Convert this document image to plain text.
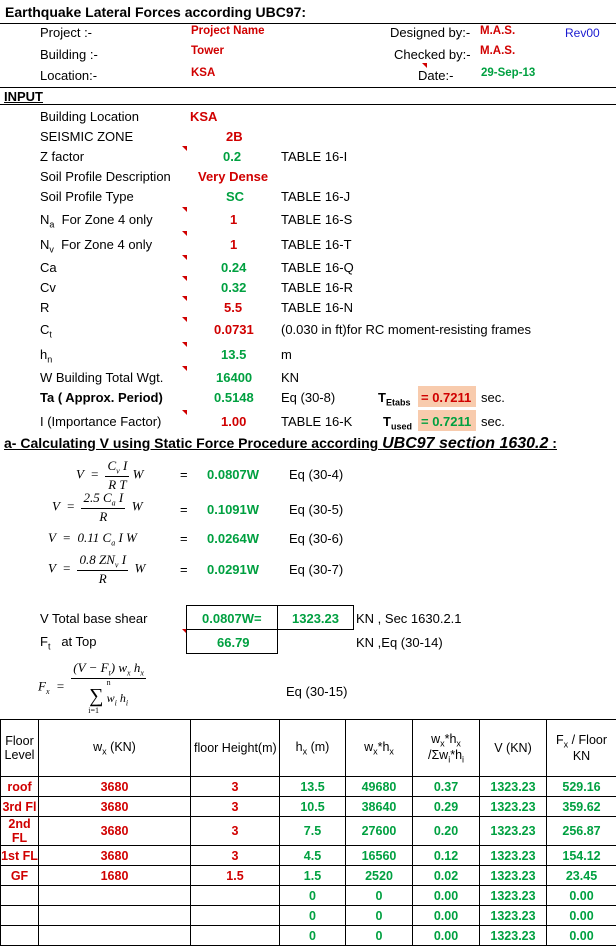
Earthquake Lateral Forces according UBC97:
Project :-	Project Name
Building :-	Tower
Location:-	KSA
Designed by:- M.A.S.	Rev00
Checked by:- M.A.S.
Date:- 29-Sep-13
INPUT
Building Location	KSA
SEISMIC ZONE	2B
Z factor	0.2	TABLE 16-I
Soil Profile Description Very Dense
Soil Profile Type	SC	TABLE 16-J
$N_a$ For Zone 4 only	1	TABLE 16-S
$N_v$ For Zone 4 only	1	TABLE 16-T
Ca	0.24	TABLE 16-Q
Cv	0.32	TABLE 16-R
R	5.5	TABLE 16-N
$C_t$	0.0731 (0.030 in ft)for RC moment-resisting frames
$h_n$	13.5	m
W Building Total Wgt.	16400 KN
Ta ( Approx. Period)	0.5148 Eq (30-8)	$T_{Etabs} = 0.7211$ sec.
I (Importance Factor)	1.00	TABLE 16-K $T_{used} = 0.7211$ sec.
a- Calculating V using Static Force Procedure according UBC97 section 1630.2 :
$V = \frac{C_v I}{\text{R T}}$ W	= 0.0807W Eq (30-4)
$V = \frac{2.5 C_a I}{R}$ W	= 0.1091W Eq (30-5)
V  =  0.11 $C_a$ I W	= 0.0264W Eq (30-6)
$V = \frac{0.8 ZN_v I}{R}$ W	= 0.0291W Eq (30-7)
V Total base shear	0.0807W= 1323.23 KN , Sec 1630.2.1
$F_t$ at Top	66.79	KN ,Eq (30-14)
$F_x = (V - F_t)$ $w_x$ $h_x$
n
∑ $w_i$ $h_i$
i=1	Eq (30-15)
Floor Level	$w_x$ (KN)	floor Height(m)	$h_x$ (m)	$w_x*h_x$	$w_x*h_x$
$/\Sigma w_i*h_i$	V (KN)	$F_x$ / Floor KN
roof	3680	3	13.5	49680	0.37	1323.23	529.16
3rd Fl	3680	3	10.5	38640	0.29	1323.23	359.62
2nd FL	3680	3	7.5	27600	0.20	1323.23	256.87
1st FL	3680	3	4.5	16560	0.12	1323.23	154.12
GF	1680	1.5	1.5	2520	0.02	1323.23	23.45
			0	0	0.00	1323.23	0.00
			0	0	0.00	1323.23	0.00
			0	0	0.00	1323.23	0.00
